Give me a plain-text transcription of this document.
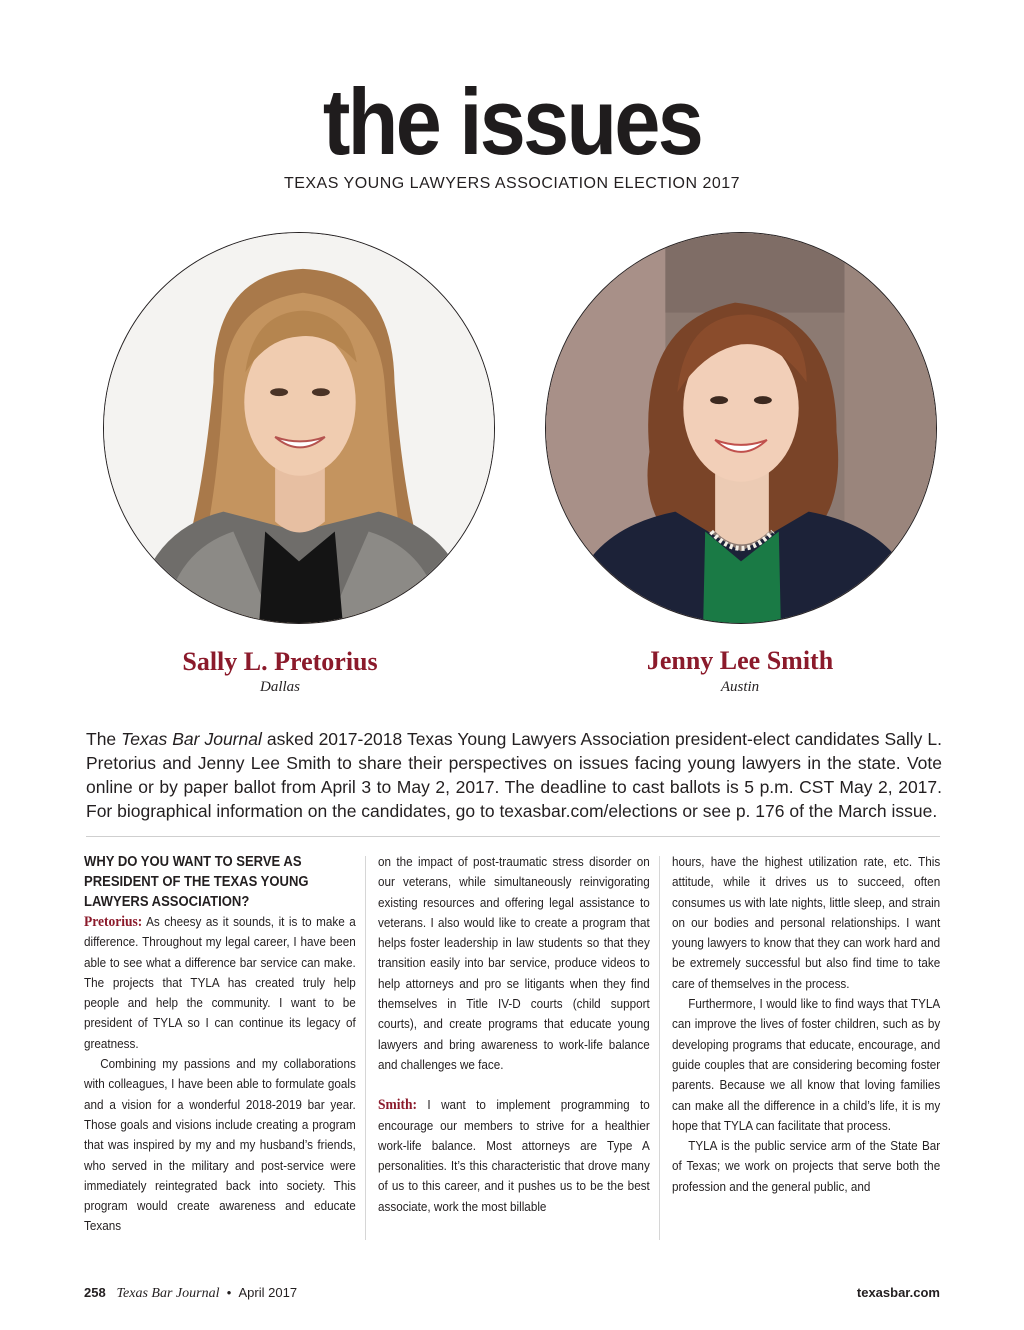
the issues
TEXAS YOUNG LAWYERS ASSOCIATION ELECTION 2017
Sally L. Pretorius
Dallas
Jenny Lee Smith
Austin

The Texas Bar Journal asked 2017-2018 Texas Young Lawyers Association president-elect candidates Sally L. Pretorius and Jenny Lee Smith to share their perspectives on issues facing young lawyers in the state. Vote online or by paper ballot from April 3 to May 2, 2017. The deadline to cast ballots is 5 p.m. CST May 2, 2017. For biographical information on the candidates, go to texasbar.com/elections or see p. 176 of the March issue.

WHY DO YOU WANT TO SERVE AS PRESIDENT OF THE TEXAS YOUNG LAWYERS ASSOCIATION?

Pretorius: As cheesy as it sounds, it is to make a difference. Throughout my legal career, I have been able to see what a difference bar service can make. The projects that TYLA has created truly help people and help the community. I want to be president of TYLA so I can continue its legacy of greatness.

Combining my passions and my collaborations with colleagues, I have been able to formulate goals and a vision for a wonderful 2018-2019 bar year. Those goals and visions include creating a program that was inspired by my and my husband’s friends, who served in the military and post-service were immediately reintegrated back into society. This program would create awareness and educate Texans

on the impact of post-traumatic stress disorder on our veterans, while simultaneously reinvigorating existing resources and offering legal assistance to veterans. I also would like to create a program that helps foster leadership in law students so that they transition easily into bar service, produce videos to help attorneys and pro se litigants when they find themselves in Title IV-D courts (child support courts), and create programs that educate young lawyers and bring awareness to work-life balance and challenges we face.

Smith: I want to implement programming to encourage our members to strive for a healthier work-life balance. Most attorneys are Type A personalities. It’s this characteristic that drove many of us to this career, and it pushes us to be the best associate, work the most billable

hours, have the highest utilization rate, etc. This attitude, while it drives us to succeed, often consumes us with late nights, little sleep, and strain on our bodies and personal relationships. I want young lawyers to know that they can work hard and be extremely successful but also find time to take care of themselves in the process.

Furthermore, I would like to find ways that TYLA can improve the lives of foster children, such as by developing programs that educate, encourage, and guide couples that are considering becoming foster parents. Because we all know that loving families can make all the difference in a child’s life, it is my hope that TYLA can facilitate that process.

TYLA is the public service arm of the State Bar of Texas; we work on projects that serve both the profession and the general public, and

258 Texas Bar Journal • April 2017	texasbar.com
